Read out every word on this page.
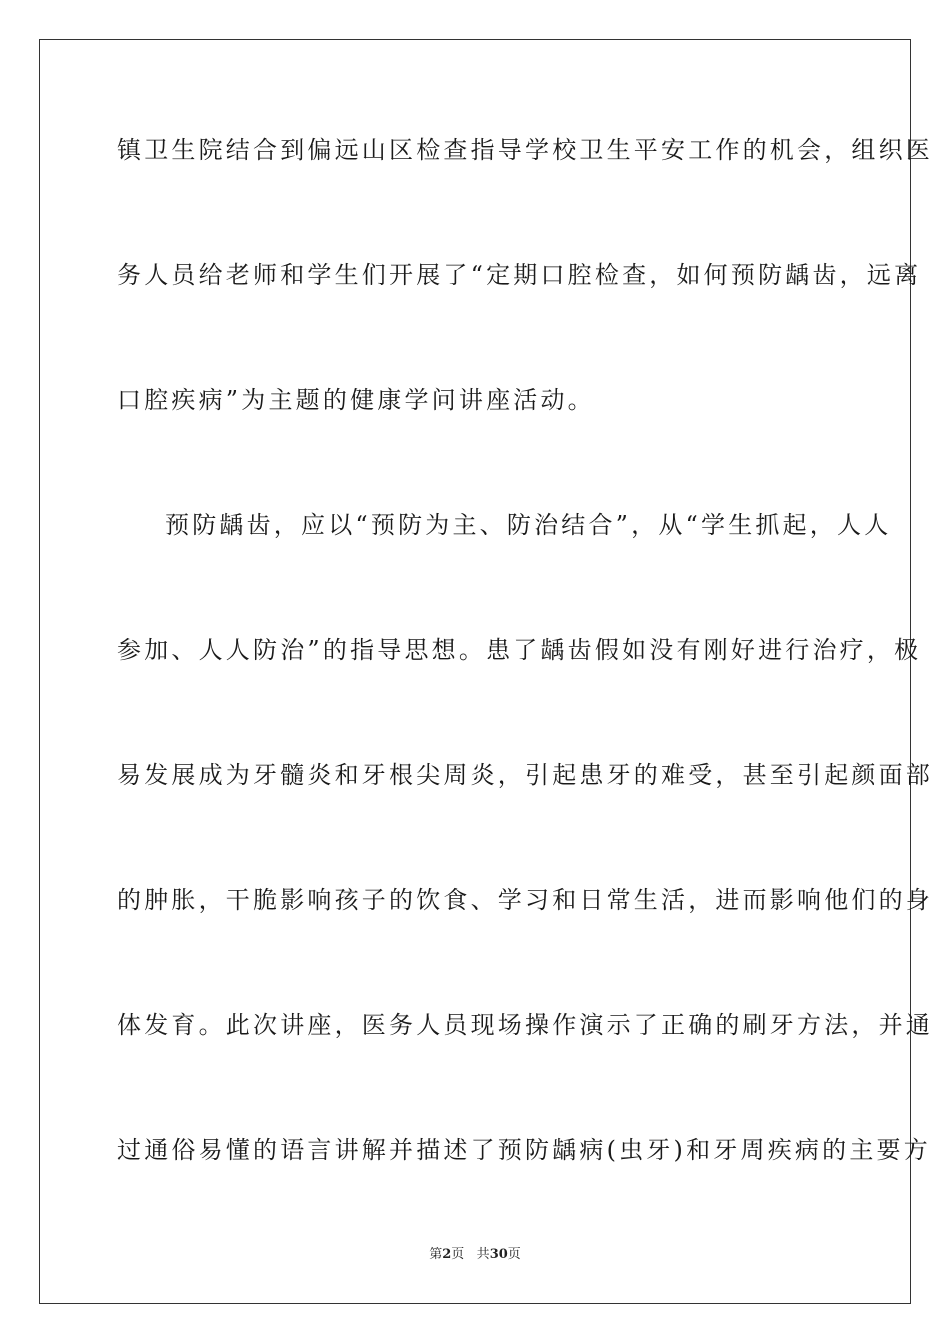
镇卫生院结合到偏远山区检查指导学校卫生平安工作的机会，组织医
务人员给老师和学生们开展了“定期口腔检查，如何预防龋齿，远离
口腔疾病”为主题的健康学问讲座活动。
预防龋齿，应以“预防为主、防治结合”，从“学生抓起，人人
参加、人人防治”的指导思想。患了龋齿假如没有刚好进行治疗，极
易发展成为牙髓炎和牙根尖周炎，引起患牙的难受，甚至引起颜面部
的肿胀，干脆影响孩子的饮食、学习和日常生活，进而影响他们的身
体发育。此次讲座，医务人员现场操作演示了正确的刷牙方法，并通
过通俗易懂的语言讲解并描述了预防龋病(虫牙)和牙周疾病的主要方
第2页 共30页
